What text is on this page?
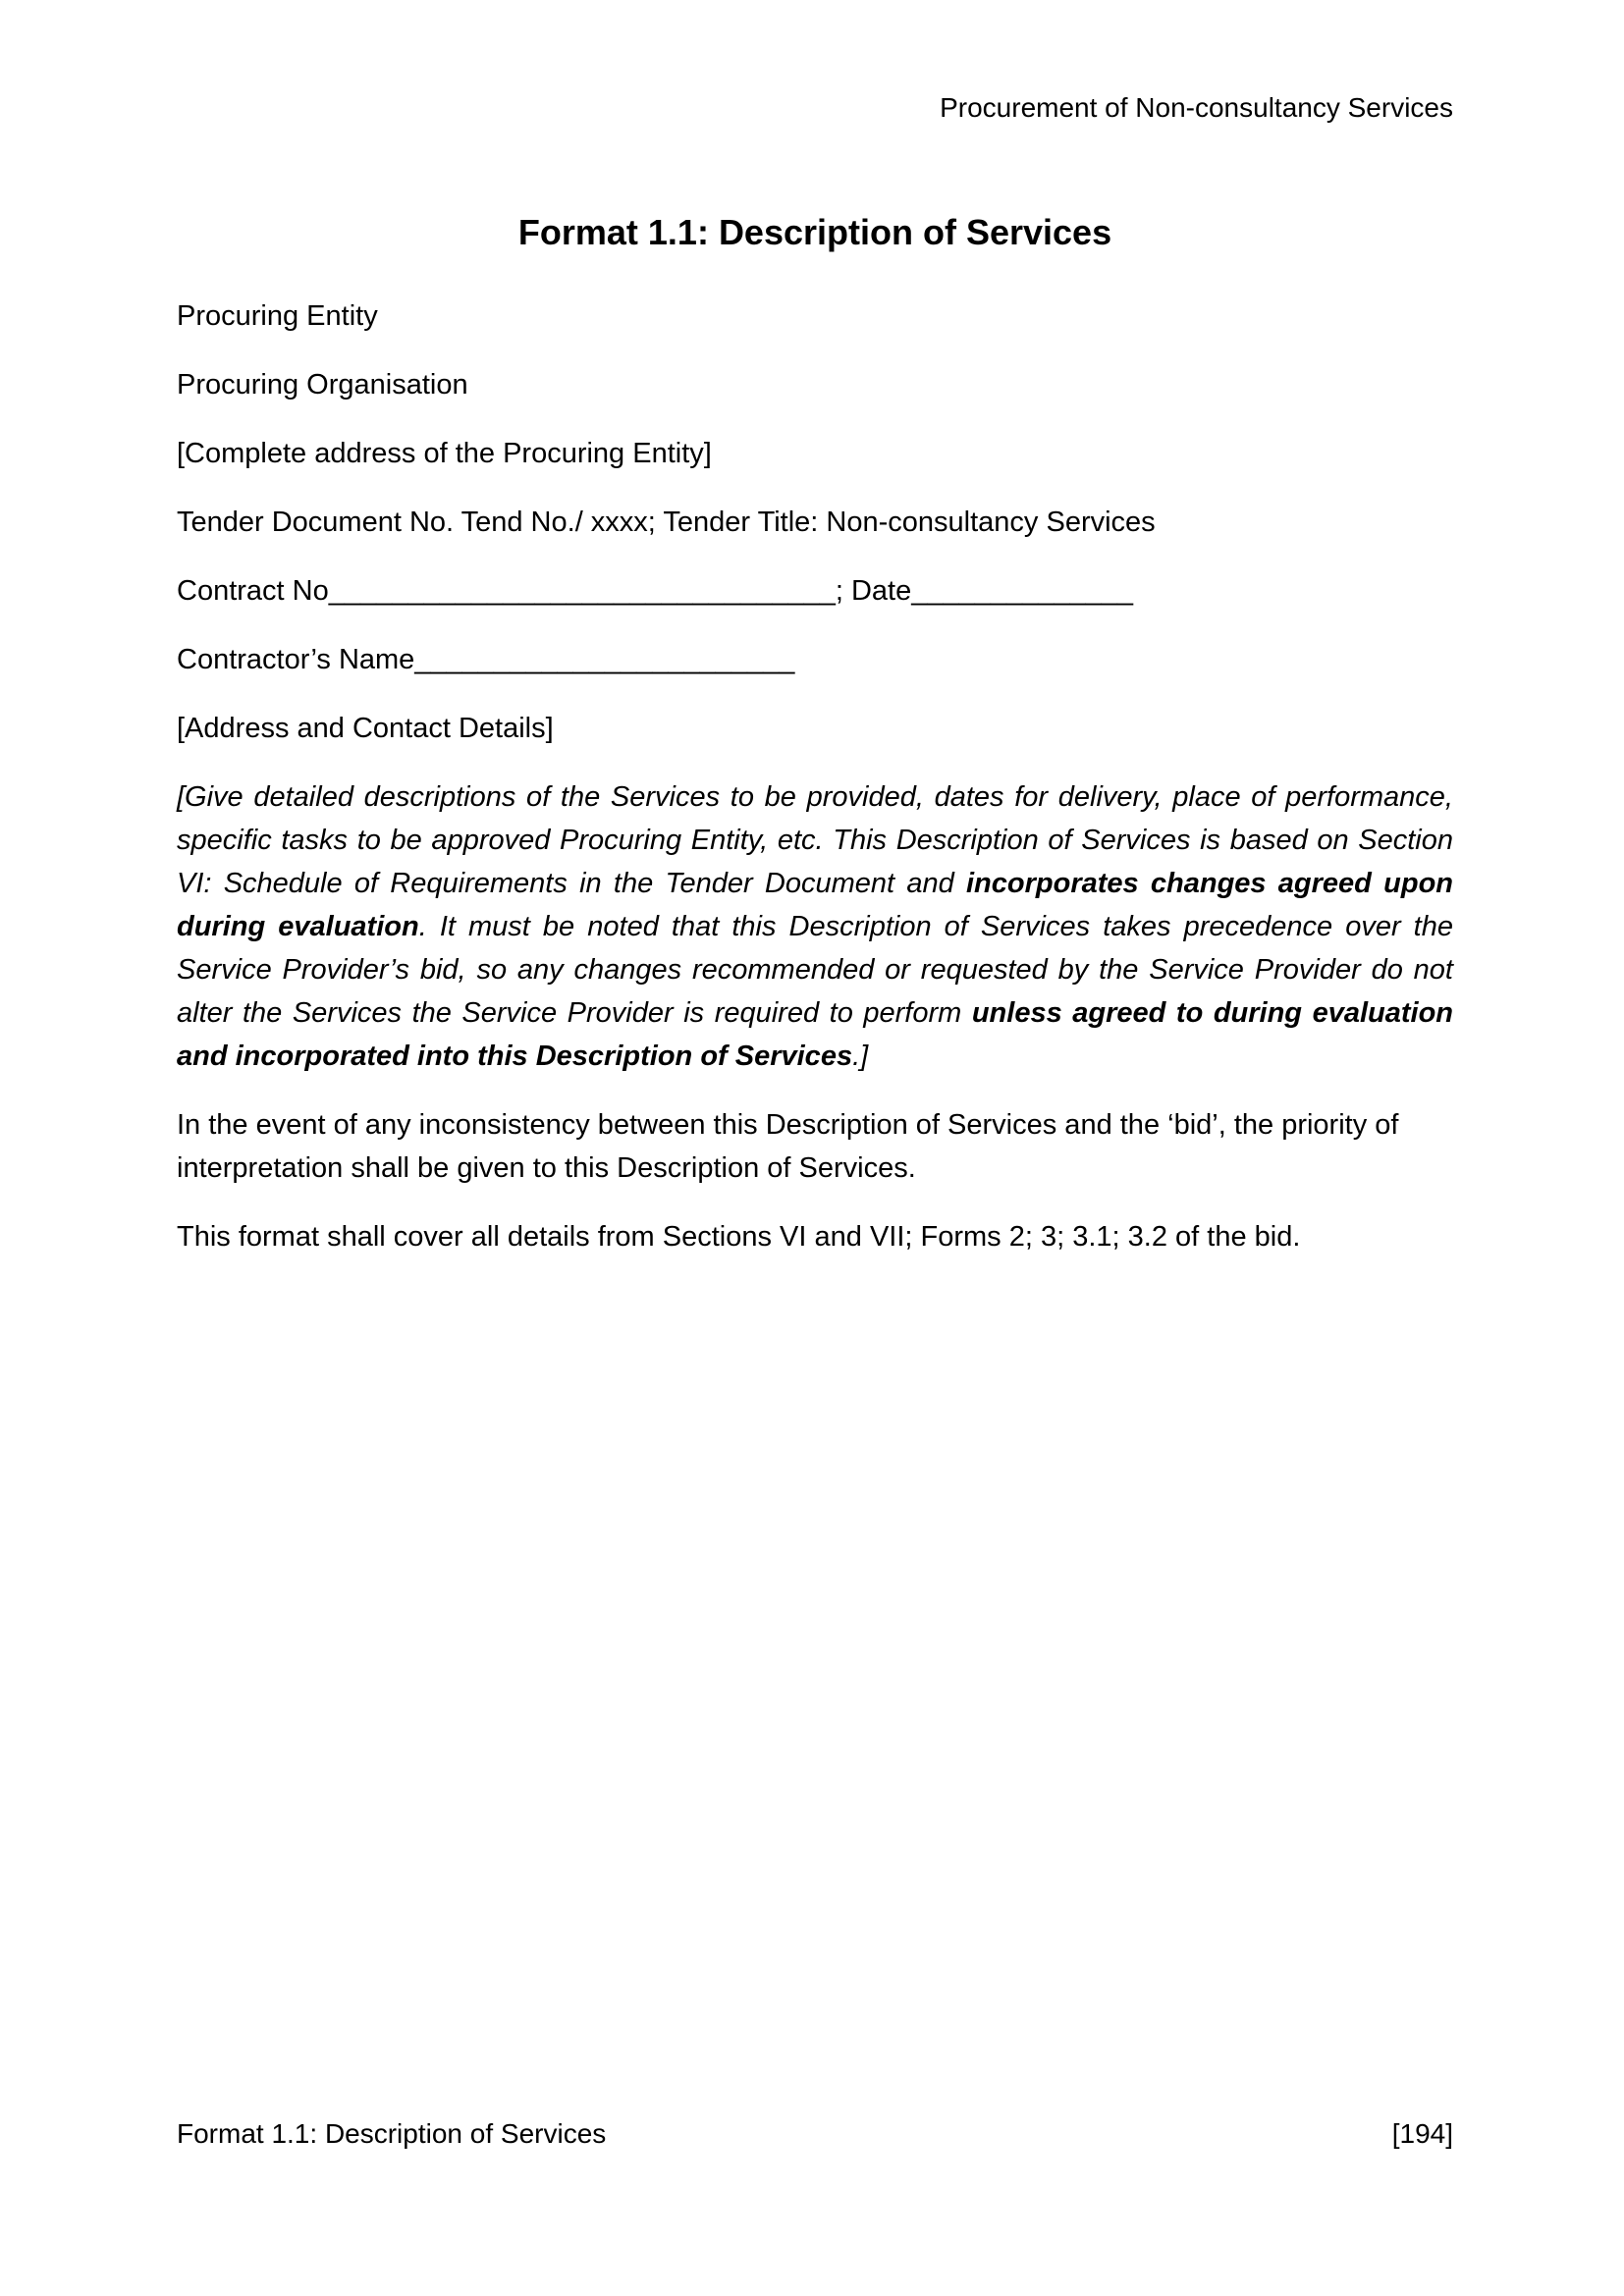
Procurement of Non-consultancy Services
Format 1.1: Description of Services

Procuring Entity

Procuring Organisation

[Complete address of the Procuring Entity]

Tender Document No. Tend No./ xxxx; Tender Title: Non-consultancy Services

Contract No________________________________; Date______________

Contractor’s Name________________________

[Address and Contact Details]

[Give detailed descriptions of the Services to be provided, dates for delivery, place of performance, specific tasks to be approved Procuring Entity, etc. This Description of Services is based on Section VI: Schedule of Requirements in the Tender Document and incorporates changes agreed upon during evaluation. It must be noted that this Description of Services takes precedence over the Service Provider’s bid, so any changes recommended or requested by the Service Provider do not alter the Services the Service Provider is required to perform unless agreed to during evaluation and incorporated into this Description of Services.]

In the event of any inconsistency between this Description of Services and the ‘bid’, the priority of interpretation shall be given to this Description of Services.

This format shall cover all details from Sections VI and VII; Forms 2; 3; 3.1; 3.2 of the bid.

Format 1.1: Description of Services	[194]
